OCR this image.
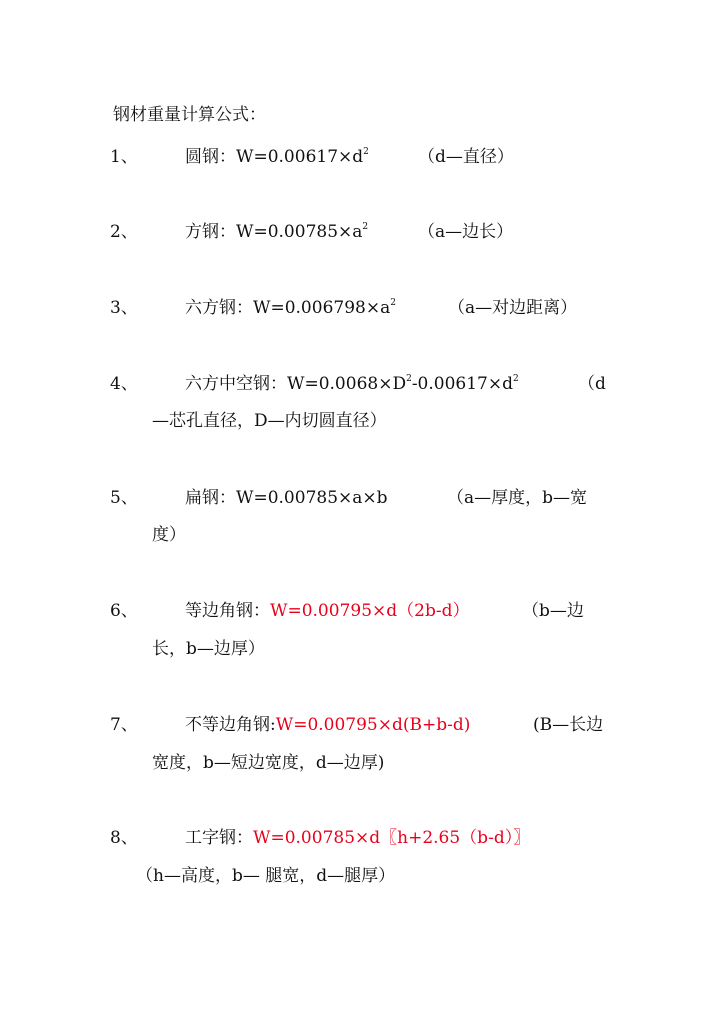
钢材重量计算公式：
1、	圆钢：$W=0.00617\times d^2$	（d—直径）
2、	方钢：$W=0.00785\times a^2$	（a—边长）
3、	六方钢：$W=0.006798\times a^2$	（a—对边距离）
4、	六方中空钢：$W=0.0068\times D^2-0.00617\times d^2$	（d
—芯孔直径，D—内切圆直径）
5、	扁钢：W=0.00785×a×b	（a—厚度，b—宽
度）
6、	等边角钢：W=0.00795×d（2b-d）	（b—边
长，b—边厚）
7、	不等边角钢:W=0.00795×d(B+b-d)	(B—长边
宽度，b—短边宽度，d—边厚)
8、	工字钢：W=0.00785×d〖h+2.65（b-d）〗
（h—高度，b— 腿宽，d—腿厚）
